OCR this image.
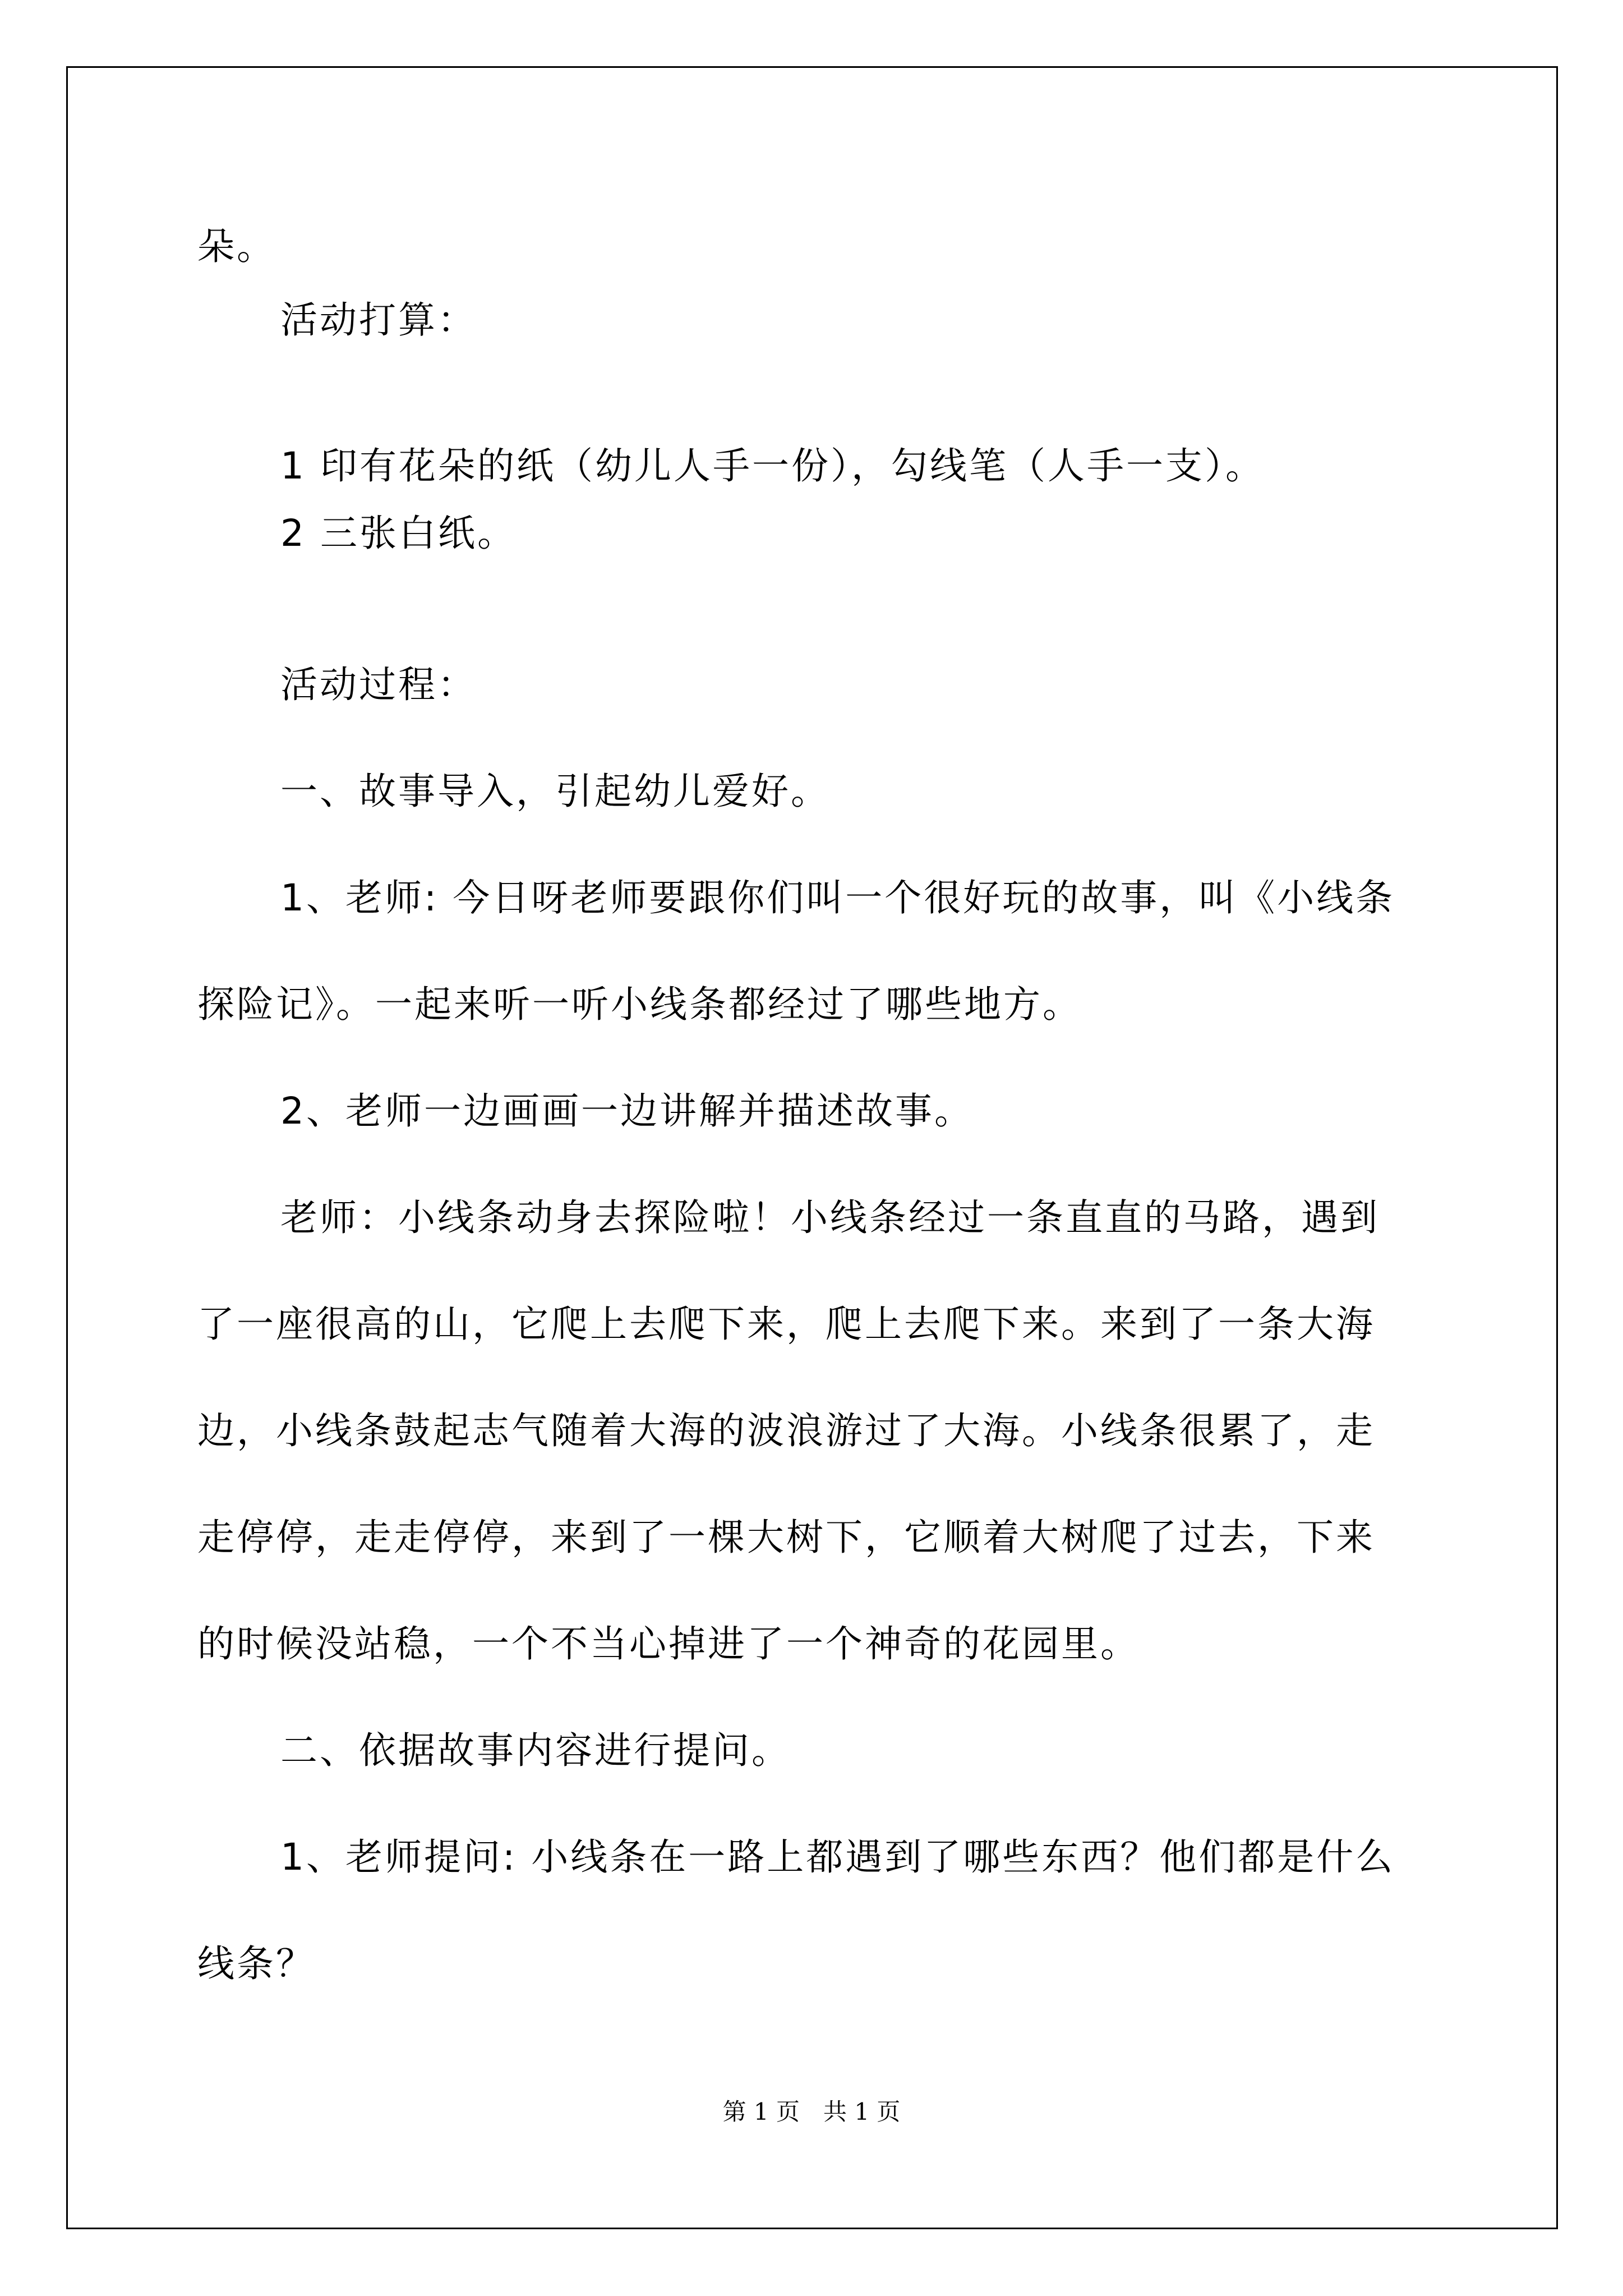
朵。
活动打算：
1 印有花朵的纸（幼儿人手一份），勾线笔（人手一支）。
2 三张白纸。
活动过程：
一、故事导入，引起幼儿爱好。
1、老师: 今日呀老师要跟你们叫一个很好玩的故事，叫《小线条
探险记》。一起来听一听小线条都经过了哪些地方。
2、老师一边画画一边讲解并描述故事。
老师：小线条动身去探险啦！小线条经过一条直直的马路，遇到
了一座很高的山，它爬上去爬下来，爬上去爬下来。来到了一条大海
边，小线条鼓起志气随着大海的波浪游过了大海。小线条很累了，走
走停停，走走停停，来到了一棵大树下，它顺着大树爬了过去，下来
的时候没站稳，一个不当心掉进了一个神奇的花园里。
二、依据故事内容进行提问。
1、老师提问: 小线条在一路上都遇到了哪些东西？他们都是什么
线条？
第 1 页　共 1 页
